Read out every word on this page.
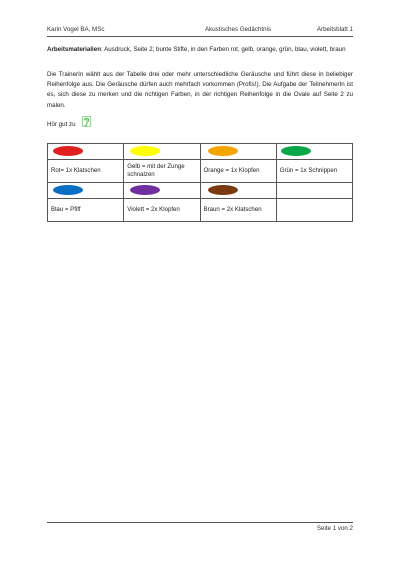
Karin Vogel BA, MSc	Akustisches Gedächtnis	Arbeitsblatt 1
Arbeitsmaterialien: Ausdruck, Seite 2; bunte Stifte, in den Farben rot, gelb, orange, grün, blau, violett, braun
Die TrainerIn wählt aus der Tabelle drei oder mehr unterschiedliche Geräusche und führt diese in beliebiger Reihenfolge aus. Die Geräusche dürfen auch mehrfach vorkommen (Profis!). Die Aufgabe der TeilnehmerIn ist es, sich diese zu merken und die richtigen Farben, in der richtigen Reihenfolge in die Ovale auf Seite 2 zu malen.
Hör gut zu

Rot= 1x Klatschen	Gelb = mit der Zunge schnalzen	Orange = 1x Klopfen	Grün = 1x Schnippen

Blau = Pfiff	Violett = 2x Klopfen	Braun = 2x Klatschen	
Seite 1 von 2
